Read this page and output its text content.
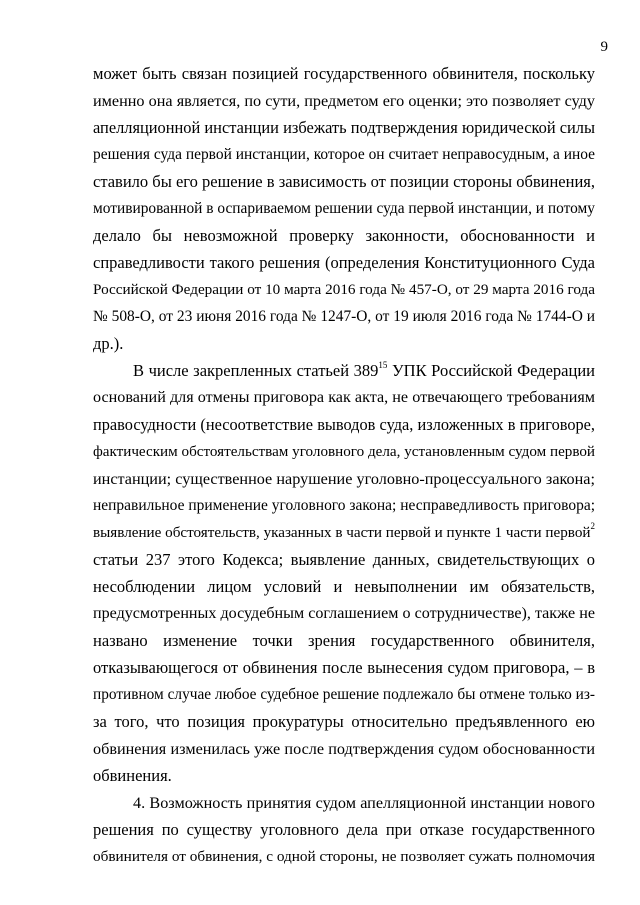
9
может быть связан позицией государственного обвинителя, поскольку
именно она является, по сути, предметом его оценки; это позволяет суду
апелляционной инстанции избежать подтверждения юридической силы
решения суда первой инстанции, которое он считает неправосудным, а иное
ставило бы его решение в зависимость от позиции стороны обвинения,
мотивированной в оспариваемом решении суда первой инстанции, и потому
делало бы невозможной проверку законности, обоснованности и
справедливости такого решения (определения Конституционного Суда
Российской Федерации от 10 марта 2016 года № 457-О, от 29 марта 2016 года
№ 508-О, от 23 июня 2016 года № 1247-О, от 19 июля 2016 года № 1744-О и
др.).
В числе закрепленных статьей $389^{15}$ УПК Российской Федерации
оснований для отмены приговора как акта, не отвечающего требованиям
правосудности (несоответствие выводов суда, изложенных в приговоре,
фактическим обстоятельствам уголовного дела, установленным судом первой
инстанции; существенное нарушение уголовно-процессуального закона;
неправильное применение уголовного закона; несправедливость приговора;
выявление обстоятельств, указанных в части первой и пункте 1 части первой$^2$
статьи 237 этого Кодекса; выявление данных, свидетельствующих о
несоблюдении лицом условий и невыполнении им обязательств,
предусмотренных досудебным соглашением о сотрудничестве), также не
названо изменение точки зрения государственного обвинителя,
отказывающегося от обвинения после вынесения судом приговора, – в
противном случае любое судебное решение подлежало бы отмене только из-
за того, что позиция прокуратуры относительно предъявленного ею
обвинения изменилась уже после подтверждения судом обоснованности
обвинения.
4. Возможность принятия судом апелляционной инстанции нового
решения по существу уголовного дела при отказе государственного
обвинителя от обвинения, с одной стороны, не позволяет сужать полномочия
